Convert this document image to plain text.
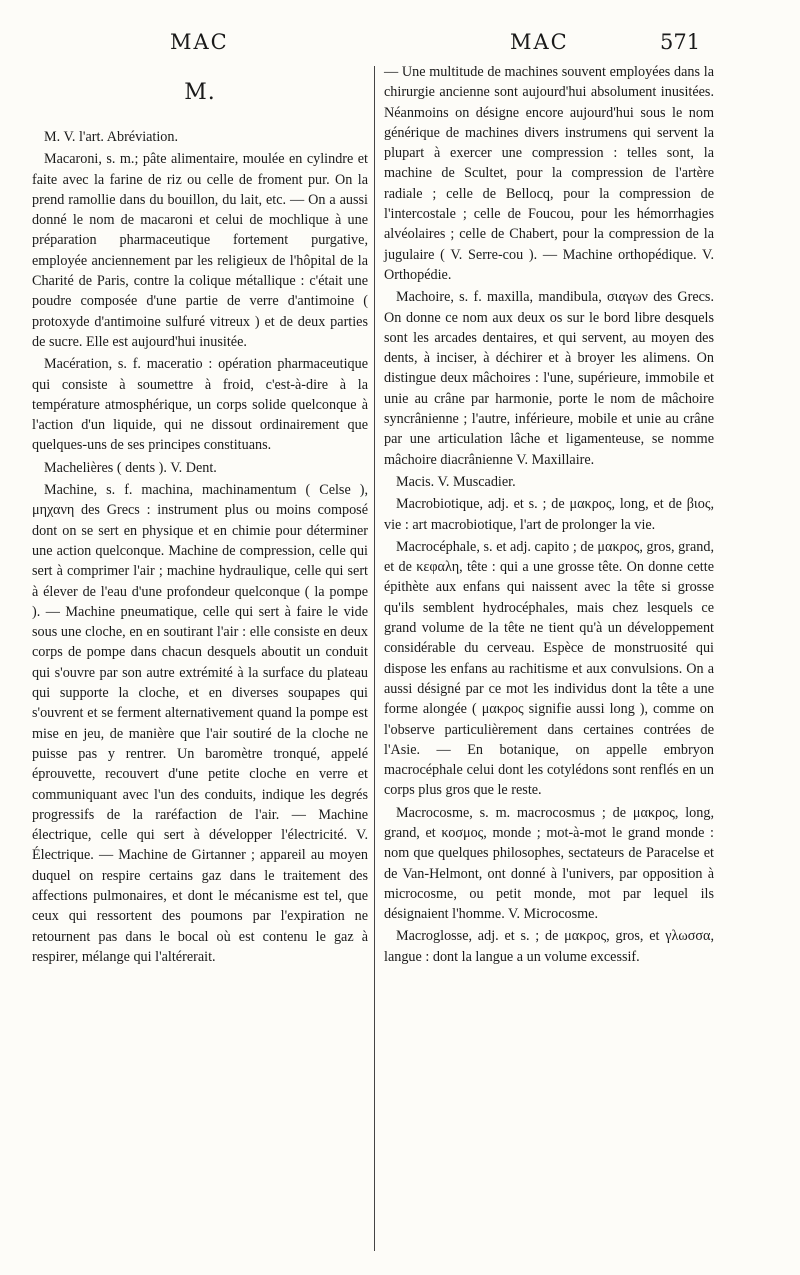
MAC	MAC	571
M.

M. V. l'art. Abréviation.

Macaroni, s. m.; pâte alimentaire, moulée en cylindre et faite avec la farine de riz ou celle de froment pur. On la prend ramollie dans du bouillon, du lait, etc. — On a aussi donné le nom de macaroni et celui de mochlique à une préparation pharmaceutique fortement purgative, employée anciennement par les religieux de l'hôpital de la Charité de Paris, contre la colique métallique : c'était une poudre composée d'une partie de verre d'antimoine ( protoxyde d'antimoine sulfuré vitreux ) et de deux parties de sucre. Elle est aujourd'hui inusitée.

Macération, s. f. maceratio : opération pharmaceutique qui consiste à soumettre à froid, c'est-à-dire à la température atmosphérique, un corps solide quelconque à l'action d'un liquide, qui ne dissout ordinairement que quelques-uns de ses principes constituans.

Machelières ( dents ). V. Dent.

Machine, s. f. machina, machinamentum ( Celse ), μηχανη des Grecs : instrument plus ou moins composé dont on se sert en physique et en chimie pour déterminer une action quelconque. Machine de compression, celle qui sert à comprimer l'air ; machine hydraulique, celle qui sert à élever de l'eau d'une profondeur quelconque ( la pompe ). — Machine pneumatique, celle qui sert à faire le vide sous une cloche, en en soutirant l'air : elle consiste en deux corps de pompe dans chacun desquels aboutit un conduit qui s'ouvre par son autre extrémité à la surface du plateau qui supporte la cloche, et en diverses soupapes qui s'ouvrent et se ferment alternativement quand la pompe est mise en jeu, de manière que l'air soutiré de la cloche ne puisse pas y rentrer. Un baromètre tronqué, appelé éprouvette, recouvert d'une petite cloche en verre et communiquant avec l'un des conduits, indique les degrés progressifs de la raréfaction de l'air. — Machine électrique, celle qui sert à développer l'électricité. V. Électrique. — Machine de Girtanner ; appareil au moyen duquel on respire certains gaz dans le traitement des affections pulmonaires, et dont le mécanisme est tel, que ceux qui ressortent des poumons par l'expiration ne retournent pas dans le bocal où est contenu le gaz à respirer, mélange qui l'altérerait.

— Une multitude de machines souvent employées dans la chirurgie ancienne sont aujourd'hui absolument inusitées. Néanmoins on désigne encore aujourd'hui sous le nom générique de machines divers instrumens qui servent la plupart à exercer une compression : telles sont, la machine de Scultet, pour la compression de l'artère radiale ; celle de Bellocq, pour la compression de l'intercostale ; celle de Foucou, pour les hémorrhagies alvéolaires ; celle de Chabert, pour la compression de la jugulaire ( V. Serre-cou ). — Machine orthopédique. V. Orthopédie.

Machoire, s. f. maxilla, mandibula, σιαγων des Grecs. On donne ce nom aux deux os sur le bord libre desquels sont les arcades dentaires, et qui servent, au moyen des dents, à inciser, à déchirer et à broyer les alimens. On distingue deux mâchoires : l'une, supérieure, immobile et unie au crâne par harmonie, porte le nom de mâchoire syncrânienne ; l'autre, inférieure, mobile et unie au crâne par une articulation lâche et ligamenteuse, se nomme mâchoire diacrânienne V. Maxillaire.

Macis. V. Muscadier.

Macrobiotique, adj. et s. ; de μακρος, long, et de βιος, vie : art macrobiotique, l'art de prolonger la vie.

Macrocéphale, s. et adj. capito ; de μακρος, gros, grand, et de κεφαλη, tête : qui a une grosse tête. On donne cette épithète aux enfans qui naissent avec la tête si grosse qu'ils semblent hydrocéphales, mais chez lesquels ce grand volume de la tête ne tient qu'à un développement considérable du cerveau. Espèce de monstruosité qui dispose les enfans au rachitisme et aux convulsions. On a aussi désigné par ce mot les individus dont la tête a une forme alongée ( μακρος signifie aussi long ), comme on l'observe particulièrement dans certaines contrées de l'Asie. — En botanique, on appelle embryon macrocéphale celui dont les cotylédons sont renflés en un corps plus gros que le reste.

Macrocosme, s. m. macrocosmus ; de μακρος, long, grand, et κοσμος, monde ; mot-à-mot le grand monde : nom que quelques philosophes, sectateurs de Paracelse et de Van-Helmont, ont donné à l'univers, par opposition à microcosme, ou petit monde, mot par lequel ils désignaient l'homme. V. Microcosme.

Macroglosse, adj. et s. ; de μακρος, gros, et γλωσσα, langue : dont la langue a un volume excessif.
